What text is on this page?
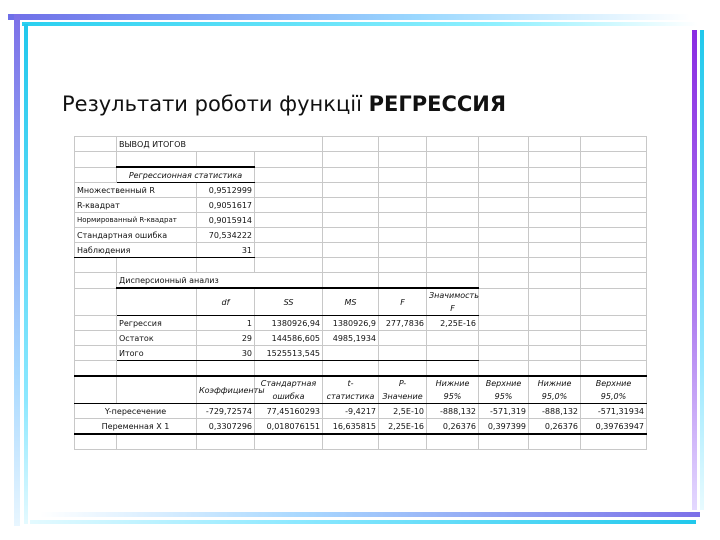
Результати роботи функції РЕГРЕССИЯ
	ВЫВОД ИТОГОВ								

	Регрессионная статистика								
Множественный R		0,9512999							
R-квадрат		0,9051617							
Нормированный R-квадрат		0,9015914							
Стандартная ошибка		70,534222							
Наблюдения		31							

	Дисперсионный анализ								
		df	SS	MS	F	Значимость F			
	Регрессия	1	1380926,94	1380926,9	277,7836	2,25E-16			
	Остаток	29	144586,605	4985,1934					
	Итого	30	1525513,545						

		Коэффициенты	Стандартная ошибка	t-статистика	P-Значение	Нижние 95%	Верхние 95%	Нижние 95,0%	Верхние 95,0%
Y-пересечение		-729,72574	77,45160293	-9,4217	2,5E-10	-888,132	-571,319	-888,132	-571,31934
Переменная X 1		0,3307296	0,018076151	16,635815	2,25E-16	0,26376	0,397399	0,26376	0,39763947
